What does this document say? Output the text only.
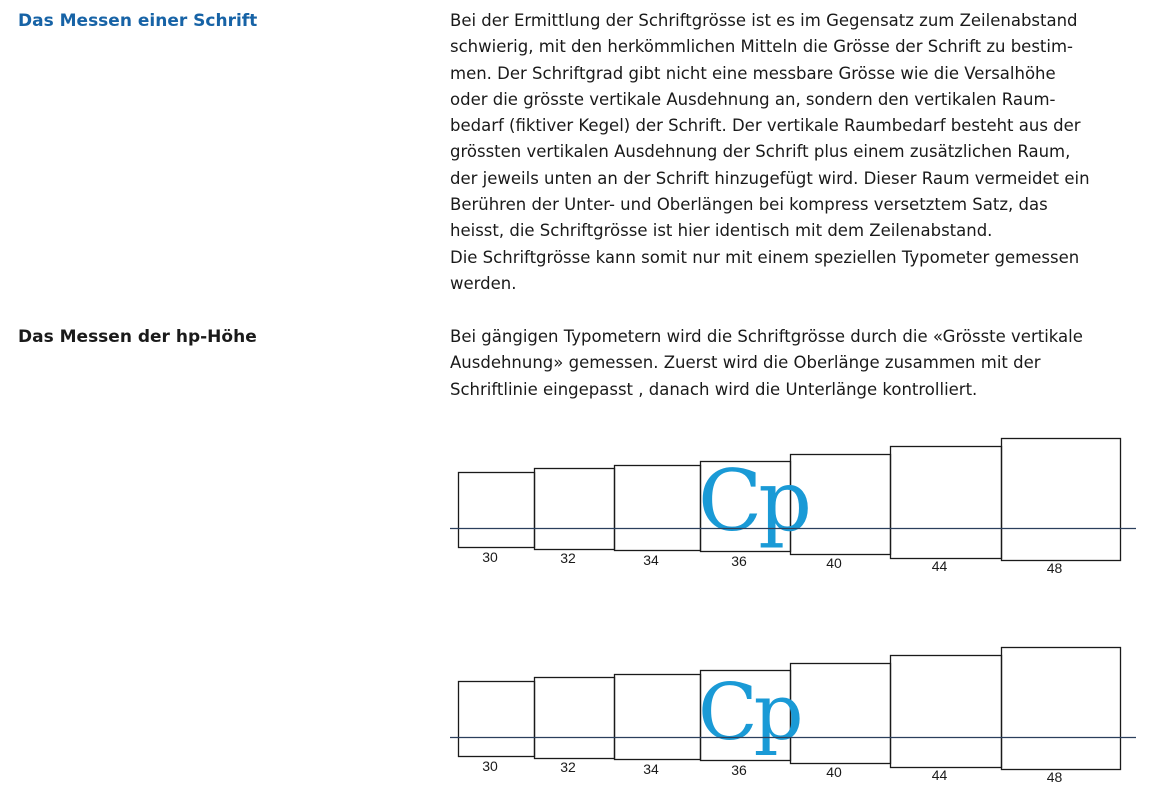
Das Messen einer Schrift	Bei der Ermittlung der Schriftgrösse ist es im Gegensatz zum Zeilenabstand
schwierig, mit den herkömmlichen Mitteln die Grösse der Schrift zu bestim-
men. Der Schriftgrad gibt nicht eine messbare Grösse wie die Versalhöhe
oder die grösste vertikale Ausdehnung an, sondern den vertikalen Raum-
bedarf (fiktiver Kegel) der Schrift. Der vertikale Raumbedarf besteht aus der
grössten vertikalen Ausdehnung der Schrift plus einem zusätzlichen Raum,
der jeweils unten an der Schrift hinzugefügt wird. Dieser Raum vermeidet ein
Berühren der Unter- und Oberlängen bei kompress versetztem Satz, das
heisst, die Schriftgrösse ist hier identisch mit dem Zeilenabstand.
Die Schriftgrösse kann somit nur mit einem speziellen Typometer gemessen
werden.
Das Messen der hp-Höhe	Bei gängigen Typometern wird die Schriftgrösse durch die «Grösste vertikale
Ausdehnung» gemessen. Zuerst wird die Oberlänge zusammen mit der
Schriftlinie eingepasst , danach wird die Unterlänge kontrolliert.
Cp
30	32	34	36	40	44	48
Cp
30	32	34	36	40	44	48
